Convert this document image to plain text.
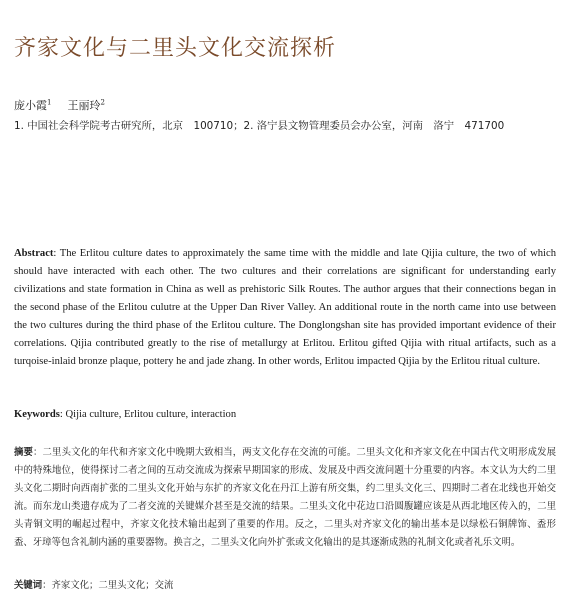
齐家文化与二里头文化交流探析
庞小霞$^1$ 王丽玲$^2$
1. 中国社会科学院考古研究所，北京　100710；2. 洛宁县文物管理委员会办公室，河南　洛宁　471700

Abstract: The Erlitou culture dates to approximately the same time with the middle and late Qijia culture, the two of which should have interacted with each other. The two cultures and their correlations are significant for understanding early civilizations and state formation in China as well as prehistoric Silk Routes. The author argues that their connections began in the second phase of the Erlitou culutre at the Upper Dan River Valley. An additional route in the north came into use between the two cultures during the third phase of the Erlitou culture. The Donglongshan site has provided important evidence of their correlations. Qijia contributed greatly to the rise of metallurgy at Erlitou. Erlitou gifted Qijia with ritual artifacts, such as a turqoise-inlaid bronze plaque, pottery he and jade zhang. In other words, Erlitou impacted Qijia by the Erlitou ritual culture.

Keywords: Qijia culture, Erlitou culture, interaction

摘要：二里头文化的年代和齐家文化中晚期大致相当，两支文化存在交流的可能。二里头文化和齐家文化在中国古代文明形成发展中的特殊地位，使得探讨二者之间的互动交流成为探索早期国家的形成、发展及中西交流问题十分重要的内容。本文认为大约二里头文化二期时向西南扩张的二里头文化开始与东扩的齐家文化在丹江上游有所交集，约二里头文化三、四期时二者在北线也开始交流。而东龙山类遗存成为了二者交流的关键媒介甚至是交流的结果。二里头文化中花边口沿圆腹罐应该是从西北地区传入的，二里头青铜文明的崛起过程中，齐家文化技术输出起到了重要的作用。反之，二里头对齐家文化的输出基本是以绿松石铜牌饰、盉形盉、牙璋等包含礼制内涵的重要器物。换言之，二里头文化向外扩张或文化输出的是其逐渐成熟的礼制文化或者礼乐文明。

关键词：齐家文化；二里头文化；交流
